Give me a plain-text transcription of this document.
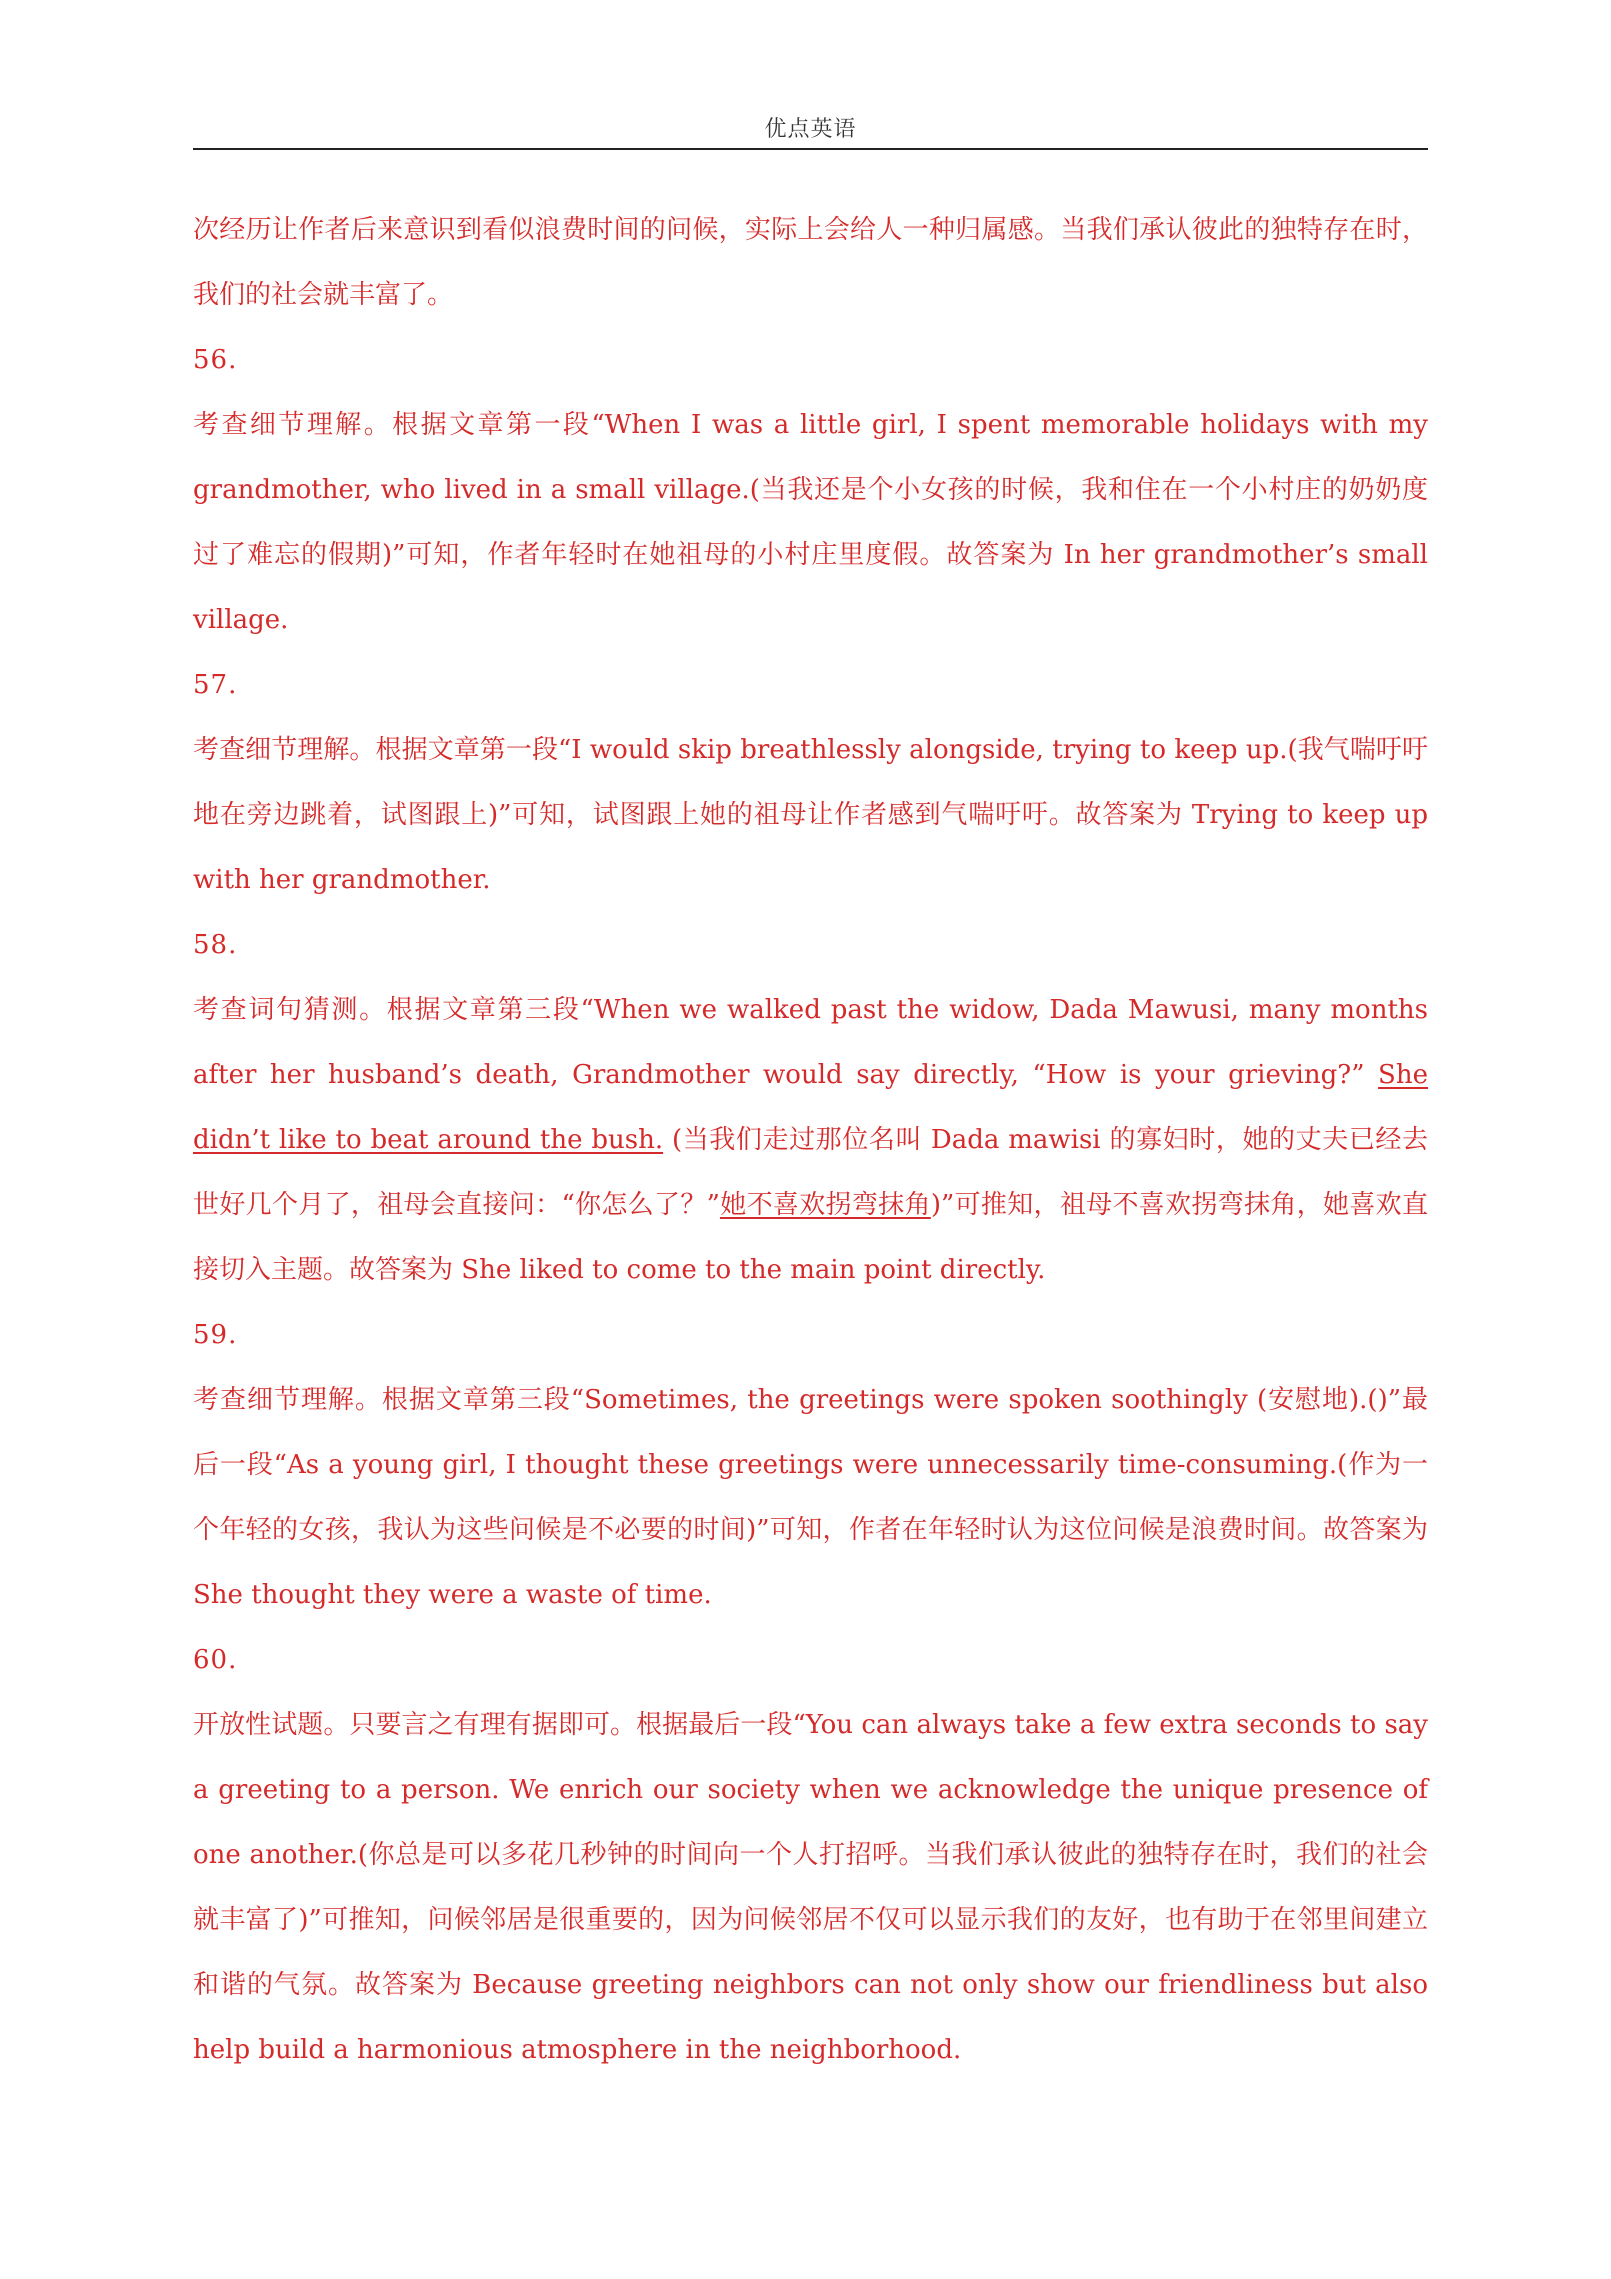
优点英语

次经历让作者后来意识到看似浪费时间的问候，实际上会给人一种归属感。当我们承认彼此的独特存在时，我们的社会就丰富了。

56.

考查细节理解。根据文章第一段“When I was a little girl, I spent memorable holidays with my grandmother, who lived in a small village.(当我还是个小女孩的时候，我和住在一个小村庄的奶奶度过了难忘的假期)”可知，作者年轻时在她祖母的小村庄里度假。故答案为 In her grandmother’s small village.

57.

考查细节理解。根据文章第一段“I would skip breathlessly alongside, trying to keep up.(我气喘吁吁地在旁边跳着，试图跟上)”可知，试图跟上她的祖母让作者感到气喘吁吁。故答案为 Trying to keep up with her grandmother.

58.

考查词句猜测。根据文章第三段“When we walked past the widow, Dada Mawusi, many months after her husband’s death, Grandmother would say directly, “How is your grieving?” She didn’t like to beat around the bush. (当我们走过那位名叫 Dada mawisi 的寡妇时，她的丈夫已经去世好几个月了，祖母会直接问：“你怎么了？”她不喜欢拐弯抹角)”可推知，祖母不喜欢拐弯抹角，她喜欢直接切入主题。故答案为 She liked to come to the main point directly.

59.

考查细节理解。根据文章第三段“Sometimes, the greetings were spoken soothingly (安慰地).()”最后一段“As a young girl, I thought these greetings were unnecessarily time-consuming.(作为一个年轻的女孩，我认为这些问候是不必要的时间)”可知，作者在年轻时认为这位问候是浪费时间。故答案为 She thought they were a waste of time.

60.

开放性试题。只要言之有理有据即可。根据最后一段“You can always take a few extra seconds to say a greeting to a person. We enrich our society when we acknowledge the unique presence of one another.(你总是可以多花几秒钟的时间向一个人打招呼。当我们承认彼此的独特存在时，我们的社会就丰富了)”可推知，问候邻居是很重要的，因为问候邻居不仅可以显示我们的友好，也有助于在邻里间建立和谐的气氛。故答案为 Because greeting neighbors can not only show our friendliness but also help build a harmonious atmosphere in the neighborhood.
